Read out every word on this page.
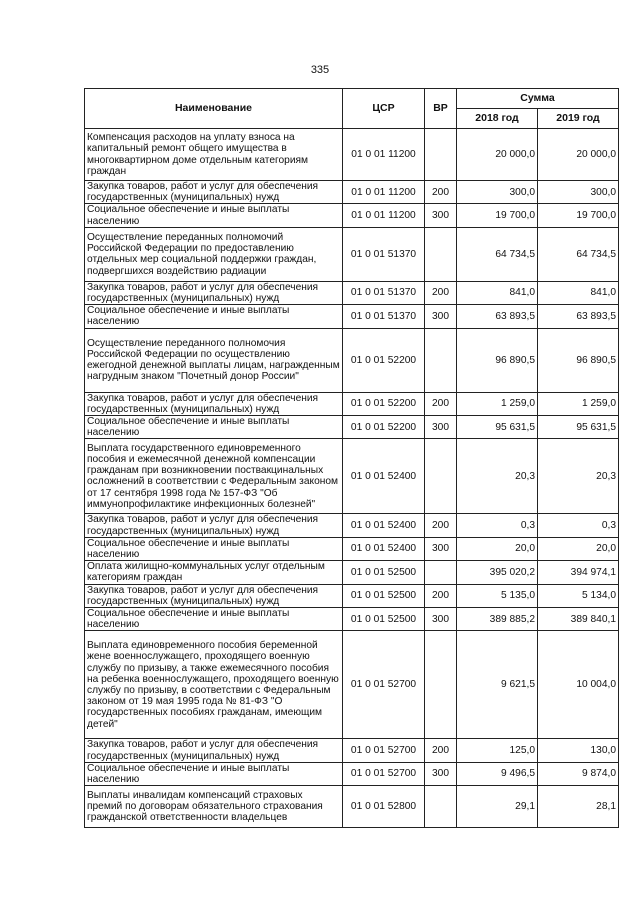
335
Наименование	ЦСР	ВР	Сумма	
			2018 год	2019 год
Компенсация расходов на уплату взноса на капитальный ремонт общего имущества в многоквартирном доме отдельным категориям граждан	01 0 01 11200		20 000,0	20 000,0
Закупка товаров, работ и услуг для обеспечения государственных (муниципальных) нужд	01 0 01 11200	200	300,0	300,0
Социальное обеспечение и иные выплаты населению	01 0 01 11200	300	19 700,0	19 700,0
Осуществление переданных полномочий Российской Федерации по предоставлению отдельных мер социальной поддержки граждан, подвергшихся воздействию радиации	01 0 01 51370		64 734,5	64 734,5
Закупка товаров, работ и услуг для обеспечения государственных (муниципальных) нужд	01 0 01 51370	200	841,0	841,0
Социальное обеспечение и иные выплаты населению	01 0 01 51370	300	63 893,5	63 893,5
Осуществление переданного полномочия Российской Федерации по осуществлению ежегодной денежной выплаты лицам, награжденным нагрудным знаком "Почетный донор России"	01 0 01 52200		96 890,5	96 890,5
Закупка товаров, работ и услуг для обеспечения государственных (муниципальных) нужд	01 0 01 52200	200	1 259,0	1 259,0
Социальное обеспечение и иные выплаты населению	01 0 01 52200	300	95 631,5	95 631,5
Выплата государственного единовременного пособия и ежемесячной денежной компенсации гражданам при возникновении поствакцинальных осложнений в соответствии с Федеральным законом от 17 сентября 1998 года № 157-ФЗ "Об иммунопрофилактике инфекционных болезней"	01 0 01 52400		20,3	20,3
Закупка товаров, работ и услуг для обеспечения государственных (муниципальных) нужд	01 0 01 52400	200	0,3	0,3
Социальное обеспечение и иные выплаты населению	01 0 01 52400	300	20,0	20,0
Оплата жилищно-коммунальных услуг отдельным категориям граждан	01 0 01 52500		395 020,2	394 974,1
Закупка товаров, работ и услуг для обеспечения государственных (муниципальных) нужд	01 0 01 52500	200	5 135,0	5 134,0
Социальное обеспечение и иные выплаты населению	01 0 01 52500	300	389 885,2	389 840,1
Выплата единовременного пособия беременной жене военнослужащего, проходящего военную службу по призыву, а также ежемесячного пособия на ребенка военнослужащего, проходящего военную службу по призыву, в соответствии с Федеральным законом от 19 мая 1995 года № 81-ФЗ "О государственных пособиях гражданам, имеющим детей"	01 0 01 52700		9 621,5	10 004,0
Закупка товаров, работ и услуг для обеспечения государственных (муниципальных) нужд	01 0 01 52700	200	125,0	130,0
Социальное обеспечение и иные выплаты населению	01 0 01 52700	300	9 496,5	9 874,0
Выплаты инвалидам компенсаций страховых премий по договорам обязательного страхования гражданской ответственности владельцев	01 0 01 52800		29,1	28,1
